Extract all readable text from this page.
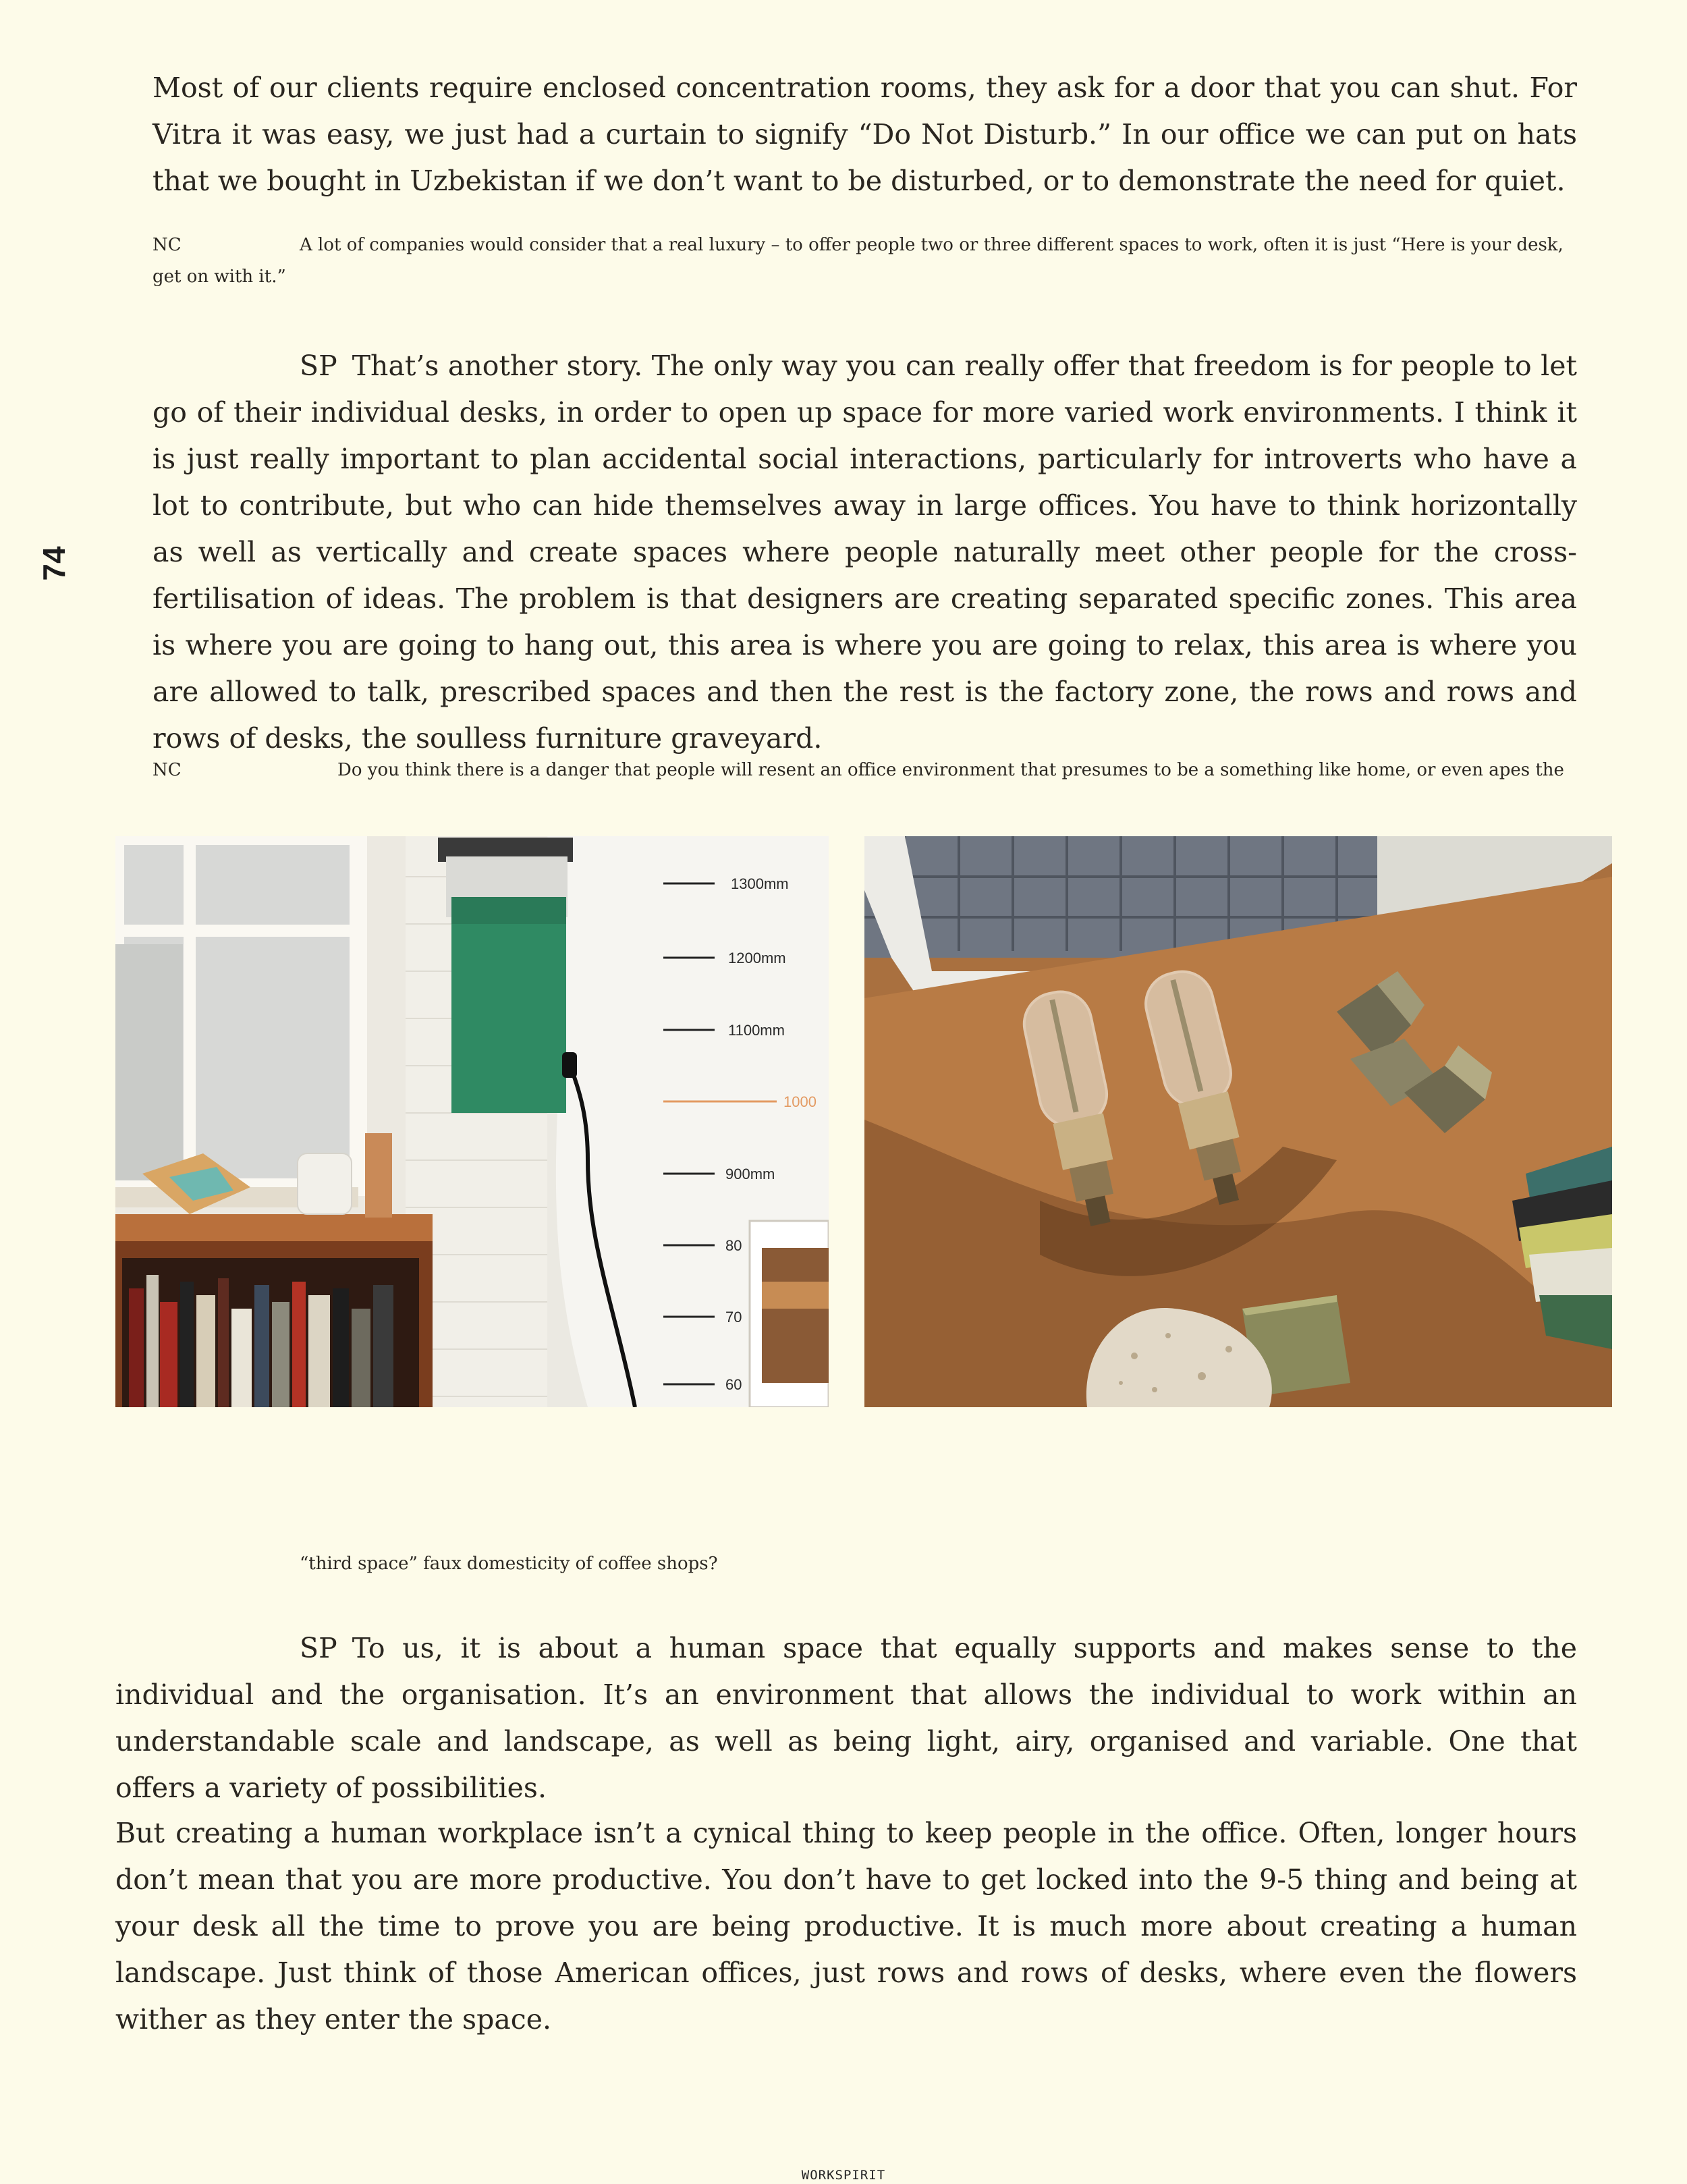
74

Most of our clients require enclosed concentration rooms, they ask for a door that you can shut. For Vitra it was easy, we just had a curtain to signify “Do Not Disturb.” In our office we can put on hats that we bought in Uzbekistan if we don’t want to be disturbed, or to demonstrate the need for quiet.

NC	A lot of companies would consider that a real luxury – to offer people two or three different spaces to work, often it is just “Here is your desk, get on with it.”

SP That’s another story. The only way you can really offer that freedom is for people to let go of their individual desks, in order to open up space for more varied work environments. I think it is just really important to plan accidental social interactions, particularly for introverts who have a lot to contribute, but who can hide themselves away in large offices. You have to think horizontally as well as vertically and create spaces where people naturally meet other people for the cross-fertilisation of ideas. The problem is that designers are creating separated specific zones. This area is where you are going to hang out, this area is where you are going to relax, this area is where you are allowed to talk, prescribed spaces and then the rest is the factory zone, the rows and rows and rows of desks, the soulless furniture graveyard.

NC	Do you think there is a danger that people will resent an office environment that presumes to be a something like home, or even apes the

1300mm
1200mm
1100mm
1000
900mm
80
70
60

“third space” faux domesticity of coffee shops?

SP To us, it is about a human space that equally supports and makes sense to the individual and the organisation. It’s an environment that allows the individual to work within an understandable scale and landscape, as well as being light, airy, organised and variable. One that offers a variety of possibilities.

But creating a human workplace isn’t a cynical thing to keep people in the office. Often, longer hours don’t mean that you are more productive. You don’t have to get locked into the 9-5 thing and being at your desk all the time to prove you are being productive. It is much more about creating a human landscape. Just think of those American offices, just rows and rows of desks, where even the flowers wither as they enter the space.

WORKSPIRIT
